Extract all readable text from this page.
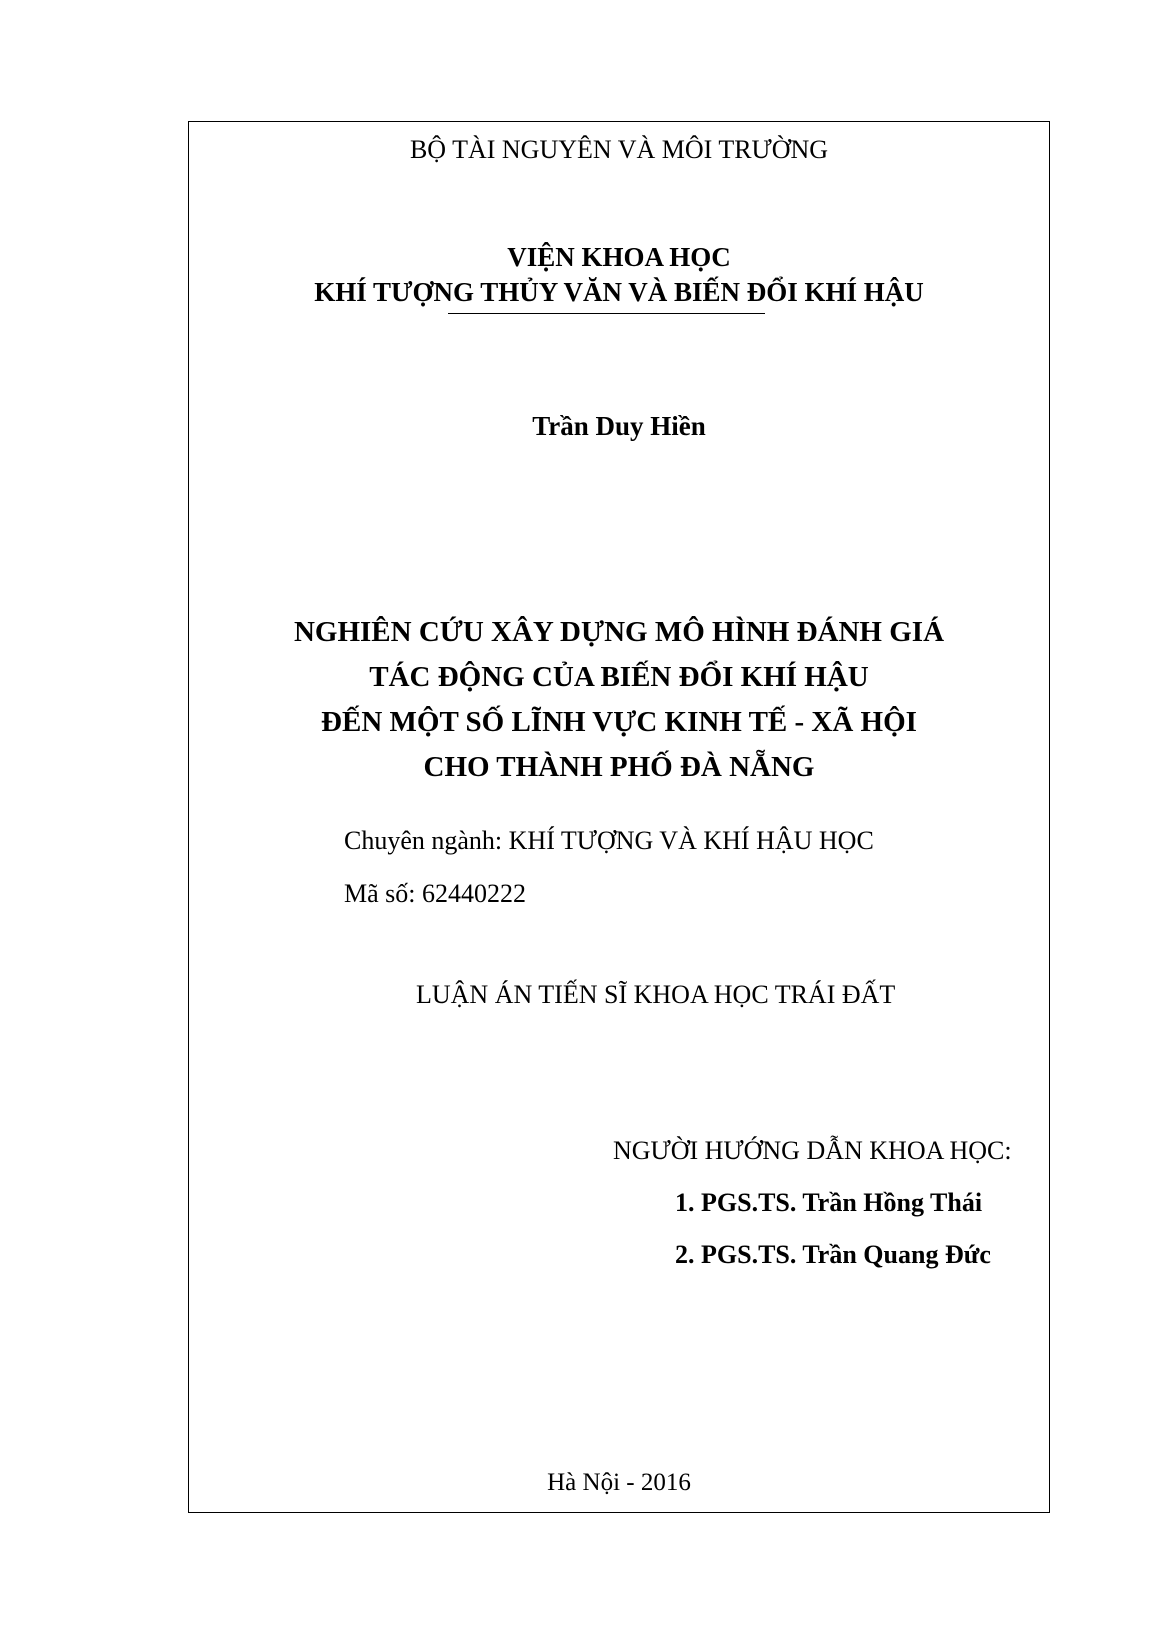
BỘ TÀI NGUYÊN VÀ MÔI TRƯỜNG
VIỆN KHOA HỌC
KHÍ TƯỢNG THỦY VĂN VÀ BIẾN ĐỔI KHÍ HẬU
Trần Duy Hiền
NGHIÊN CỨU XÂY DỰNG MÔ HÌNH ĐÁNH GIÁ
TÁC ĐỘNG CỦA BIẾN ĐỔI KHÍ HẬU
ĐẾN MỘT SỐ LĨNH VỰC KINH TẾ - XÃ HỘI
CHO THÀNH PHỐ ĐÀ NẴNG
Chuyên ngành: KHÍ TƯỢNG VÀ KHÍ HẬU HỌC
Mã số: 62440222
LUẬN ÁN TIẾN SĨ KHOA HỌC TRÁI ĐẤT
NGƯỜI HƯỚNG DẪN KHOA HỌC:
1. PGS.TS. Trần Hồng Thái
2. PGS.TS. Trần Quang Đức
Hà Nội - 2016
